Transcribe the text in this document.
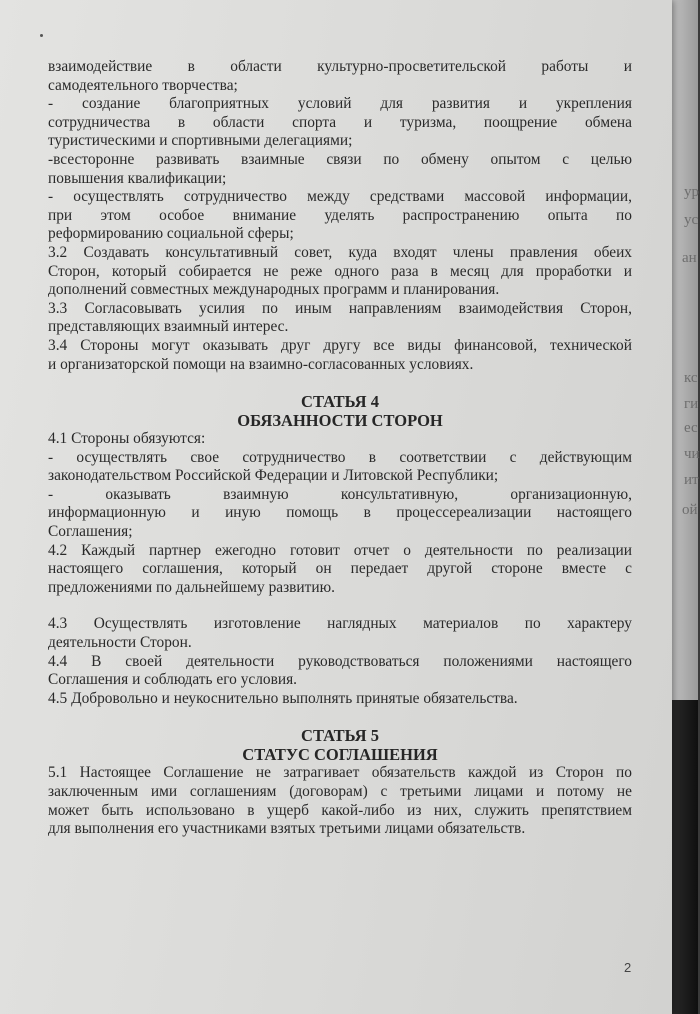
ур
ус
ан
кс
ги
ес
чи
ит
ой

взаимодействие в области культурно-просветительской работы и

самодеятельного творчества;

- создание благоприятных условий для развития и укрепления

сотрудничества в области спорта и туризма, поощрение обмена

туристическими и спортивными делегациями;

-всесторонне развивать взаимные связи по обмену опытом с целью

повышения квалификации;

- осуществлять сотрудничество между средствами массовой информации,

при этом особое внимание уделять распространению опыта по

реформированию социальной сферы;

3.2 Создавать консультативный совет, куда входят члены правления обеих

Сторон, который собирается не реже одного раза в месяц для проработки и

дополнений совместных международных программ и планирования.

3.3 Согласовывать усилия по иным направлениям взаимодействия Сторон,

представляющих взаимный интерес.

3.4 Стороны могут оказывать друг другу все виды финансовой, технической

и организаторской помощи на взаимно-согласованных условиях.

СТАТЬЯ 4
ОБЯЗАННОСТИ СТОРОН

4.1 Стороны обязуются:

- осуществлять свое сотрудничество в соответствии с действующим

законодательством Российской Федерации и Литовской Республики;

- оказывать взаимную консультативную, организационную,

информационную и иную помощь в процессереализации настоящего

Соглашения;

4.2 Каждый партнер ежегодно готовит отчет о деятельности по реализации

настоящего соглашения, который он передает другой стороне вместе с

предложениями по дальнейшему развитию.

4.3 Осуществлять изготовление наглядных материалов по характеру

деятельности Сторон.

4.4 В своей деятельности руководствоваться положениями настоящего

Соглашения и соблюдать его условия.

4.5 Добровольно и неукоснительно выполнять принятые обязательства.

СТАТЬЯ 5
СТАТУС СОГЛАШЕНИЯ

5.1 Настоящее Соглашение не затрагивает обязательств каждой из Сторон по

заключенным ими соглашениям (договорам) с третьими лицами и потому не

может быть использовано в ущерб какой-либо из них, служить препятствием

для выполнения его участниками взятых третьими лицами обязательств.

2
